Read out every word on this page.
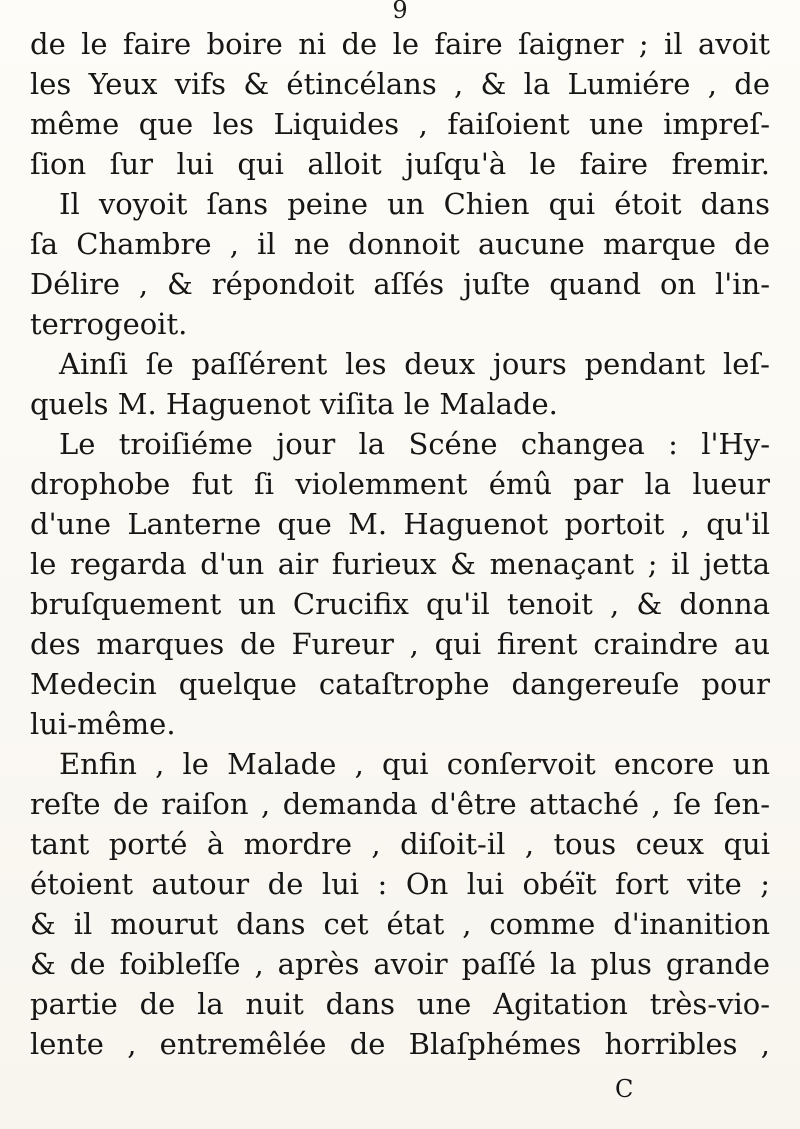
9
de le faire boire ni de le faire ſaigner ; il avoit
les Yeux vifs & étincélans , & la Lumiére , de
même que les Liquides , faiſoient une impreſ-
ſion ſur lui qui alloit juſqu'à le faire fremir.
Il voyoit ſans peine un Chien qui étoit dans
ſa Chambre , il ne donnoit aucune marque de
Délire , & répondoit aſſés juſte quand on l'in-
terrogeoit.
Ainſi ſe paſſérent les deux jours pendant leſ-
quels M. Haguenot viſita le Malade.
Le troiſiéme jour la Scéne changea : l'Hy-
drophobe fut ſi violemment émû par la lueur
d'une Lanterne que M. Haguenot portoit , qu'il
le regarda d'un air furieux & menaçant ; il jetta
bruſquement un Crucifix qu'il tenoit , & donna
des marques de Fureur , qui firent craindre au
Medecin quelque cataſtrophe dangereuſe pour
lui-même.
Enfin , le Malade , qui conſervoit encore un
reſte de raiſon , demanda d'être attaché , ſe ſen-
tant porté à mordre , diſoit-il , tous ceux qui
étoient autour de lui : On lui obéït fort vite ;
& il mourut dans cet état , comme d'inanition
& de foibleſſe , après avoir paſſé la plus grande
partie de la nuit dans une Agitation très-vio-
lente , entremêlée de Blaſphémes horribles ,
C
